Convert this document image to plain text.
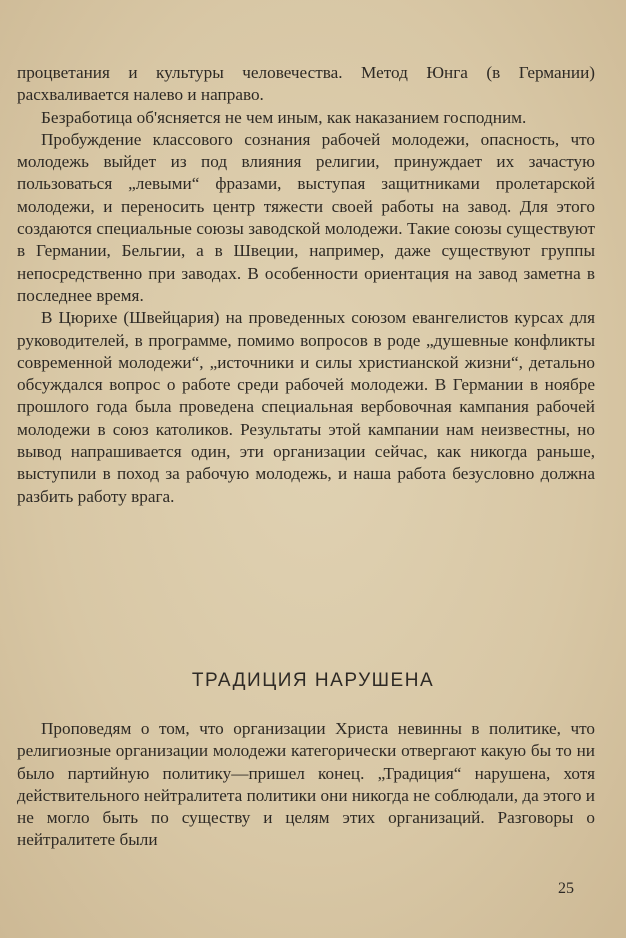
процветания и культуры человечества. Метод Юнга (в Германии) расхваливается налево и направо.

Безработица об'ясняется не чем иным, как наказанием господним.

Пробуждение классового сознания рабочей молодежи, опасность, что молодежь выйдет из под влияния религии, принуждает их зачастую пользоваться „левыми“ фразами, выступая защитниками пролетарской молодежи, и переносить центр тяжести своей работы на завод. Для этого создаются специальные союзы заводской молодежи. Такие союзы существуют в Германии, Бельгии, а в Швеции, например, даже существуют группы непосредственно при заводах. В особенности ориентация на завод заметна в последнее время.

В Цюрихе (Швейцария) на проведенных союзом евангелистов курсах для руководителей, в программе, помимо вопросов в роде „душевные конфликты современной молодежи“, „источники и силы христианской жизни“, детально обсуждался вопрос о работе среди рабочей молодежи. В Германии в ноябре прошлого года была проведена специальная вербовочная кампания рабочей молодежи в союз католиков. Результаты этой кампании нам неизвестны, но вывод напрашивается один, эти организации сейчас, как никогда раньше, выступили в поход за рабочую молодежь, и наша работа безусловно должна разбить работу врага.

ТРАДИЦИЯ НАРУШЕНА

Проповедям о том, что организации Христа невинны в политике, что религиозные организации молодежи категорически отвергают какую бы то ни было партийную политику—пришел конец. „Традиция“ нарушена, хотя действительного нейтралитета политики они никогда не соблюдали, да этого и не могло быть по существу и целям этих организаций. Разговоры о нейтралитете были

25
